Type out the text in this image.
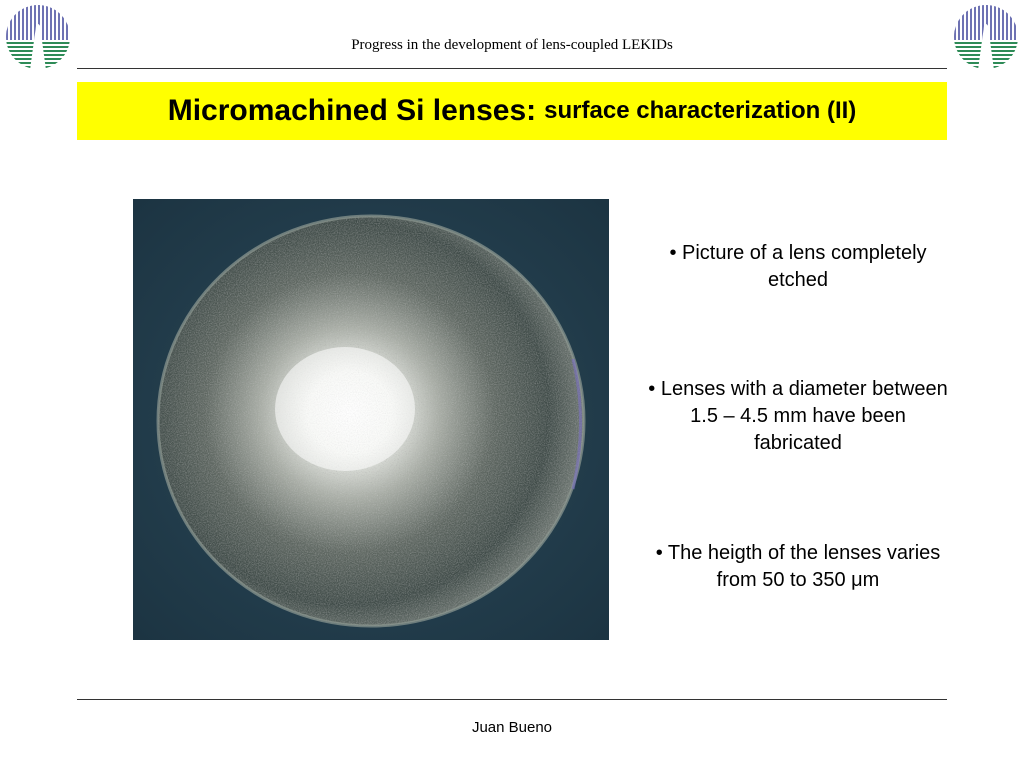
Progress in the development of lens-coupled LEKIDs
Micromachined Si lenses: surface characterization (II)
• Picture of a lens completely etched
• Lenses with a diameter between 1.5 – 4.5 mm have been fabricated
• The heigth of the lenses varies from 50 to 350 μm
Juan Bueno
